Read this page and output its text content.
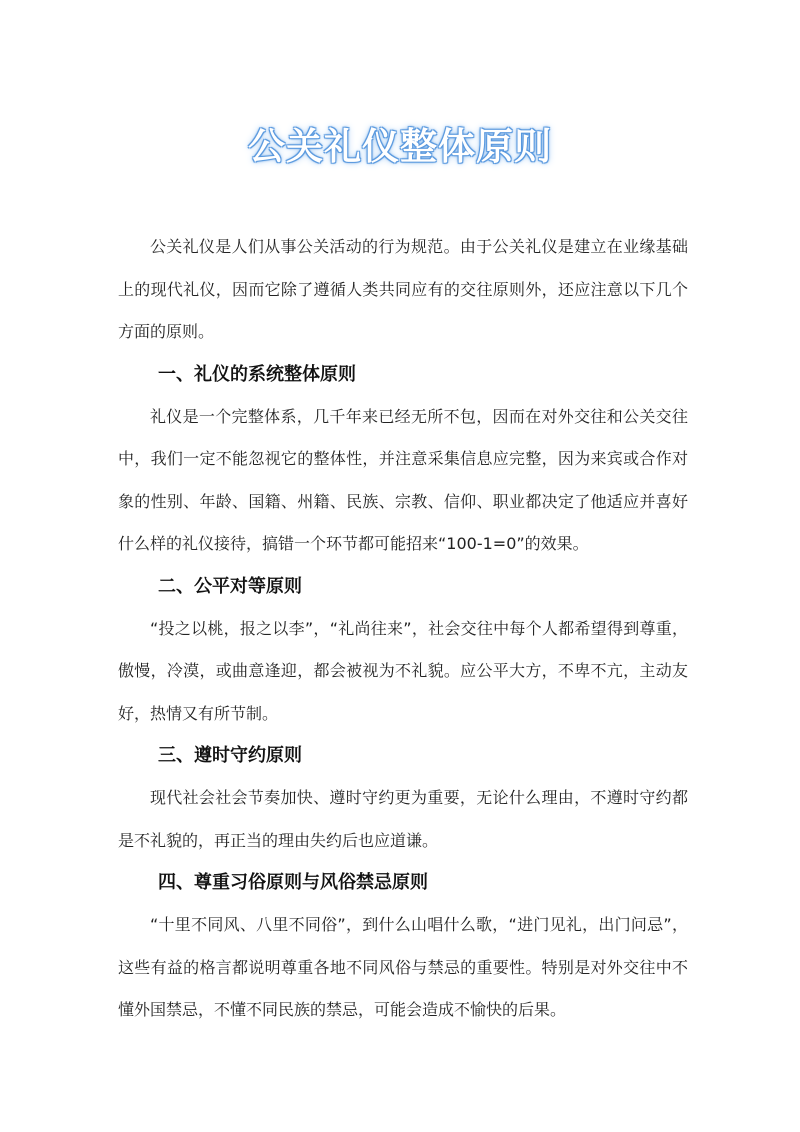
公关礼仪整体原则

公关礼仪是人们从事公关活动的行为规范。由于公关礼仪是建立在业缘基础上的现代礼仪，因而它除了遵循人类共同应有的交往原则外，还应注意以下几个方面的原则。

一、礼仪的系统整体原则

礼仪是一个完整体系，几千年来已经无所不包，因而在对外交往和公关交往中，我们一定不能忽视它的整体性，并注意采集信息应完整，因为来宾或合作对象的性别、年龄、国籍、州籍、民族、宗教、信仰、职业都决定了他适应并喜好什么样的礼仪接待，搞错一个环节都可能招来“100-1=0”的效果。

二、公平对等原则

“投之以桃，报之以李”，“礼尚往来”，社会交往中每个人都希望得到尊重，傲慢，冷漠，或曲意逢迎，都会被视为不礼貌。应公平大方，不卑不亢，主动友好，热情又有所节制。

三、遵时守约原则

现代社会社会节奏加快、遵时守约更为重要，无论什么理由，不遵时守约都是不礼貌的，再正当的理由失约后也应道谦。

四、尊重习俗原则与风俗禁忌原则

“十里不同风、八里不同俗”，到什么山唱什么歌，“进门见礼，出门问忌”，这些有益的格言都说明尊重各地不同风俗与禁忌的重要性。特别是对外交往中不懂外国禁忌，不懂不同民族的禁忌，可能会造成不愉快的后果。
